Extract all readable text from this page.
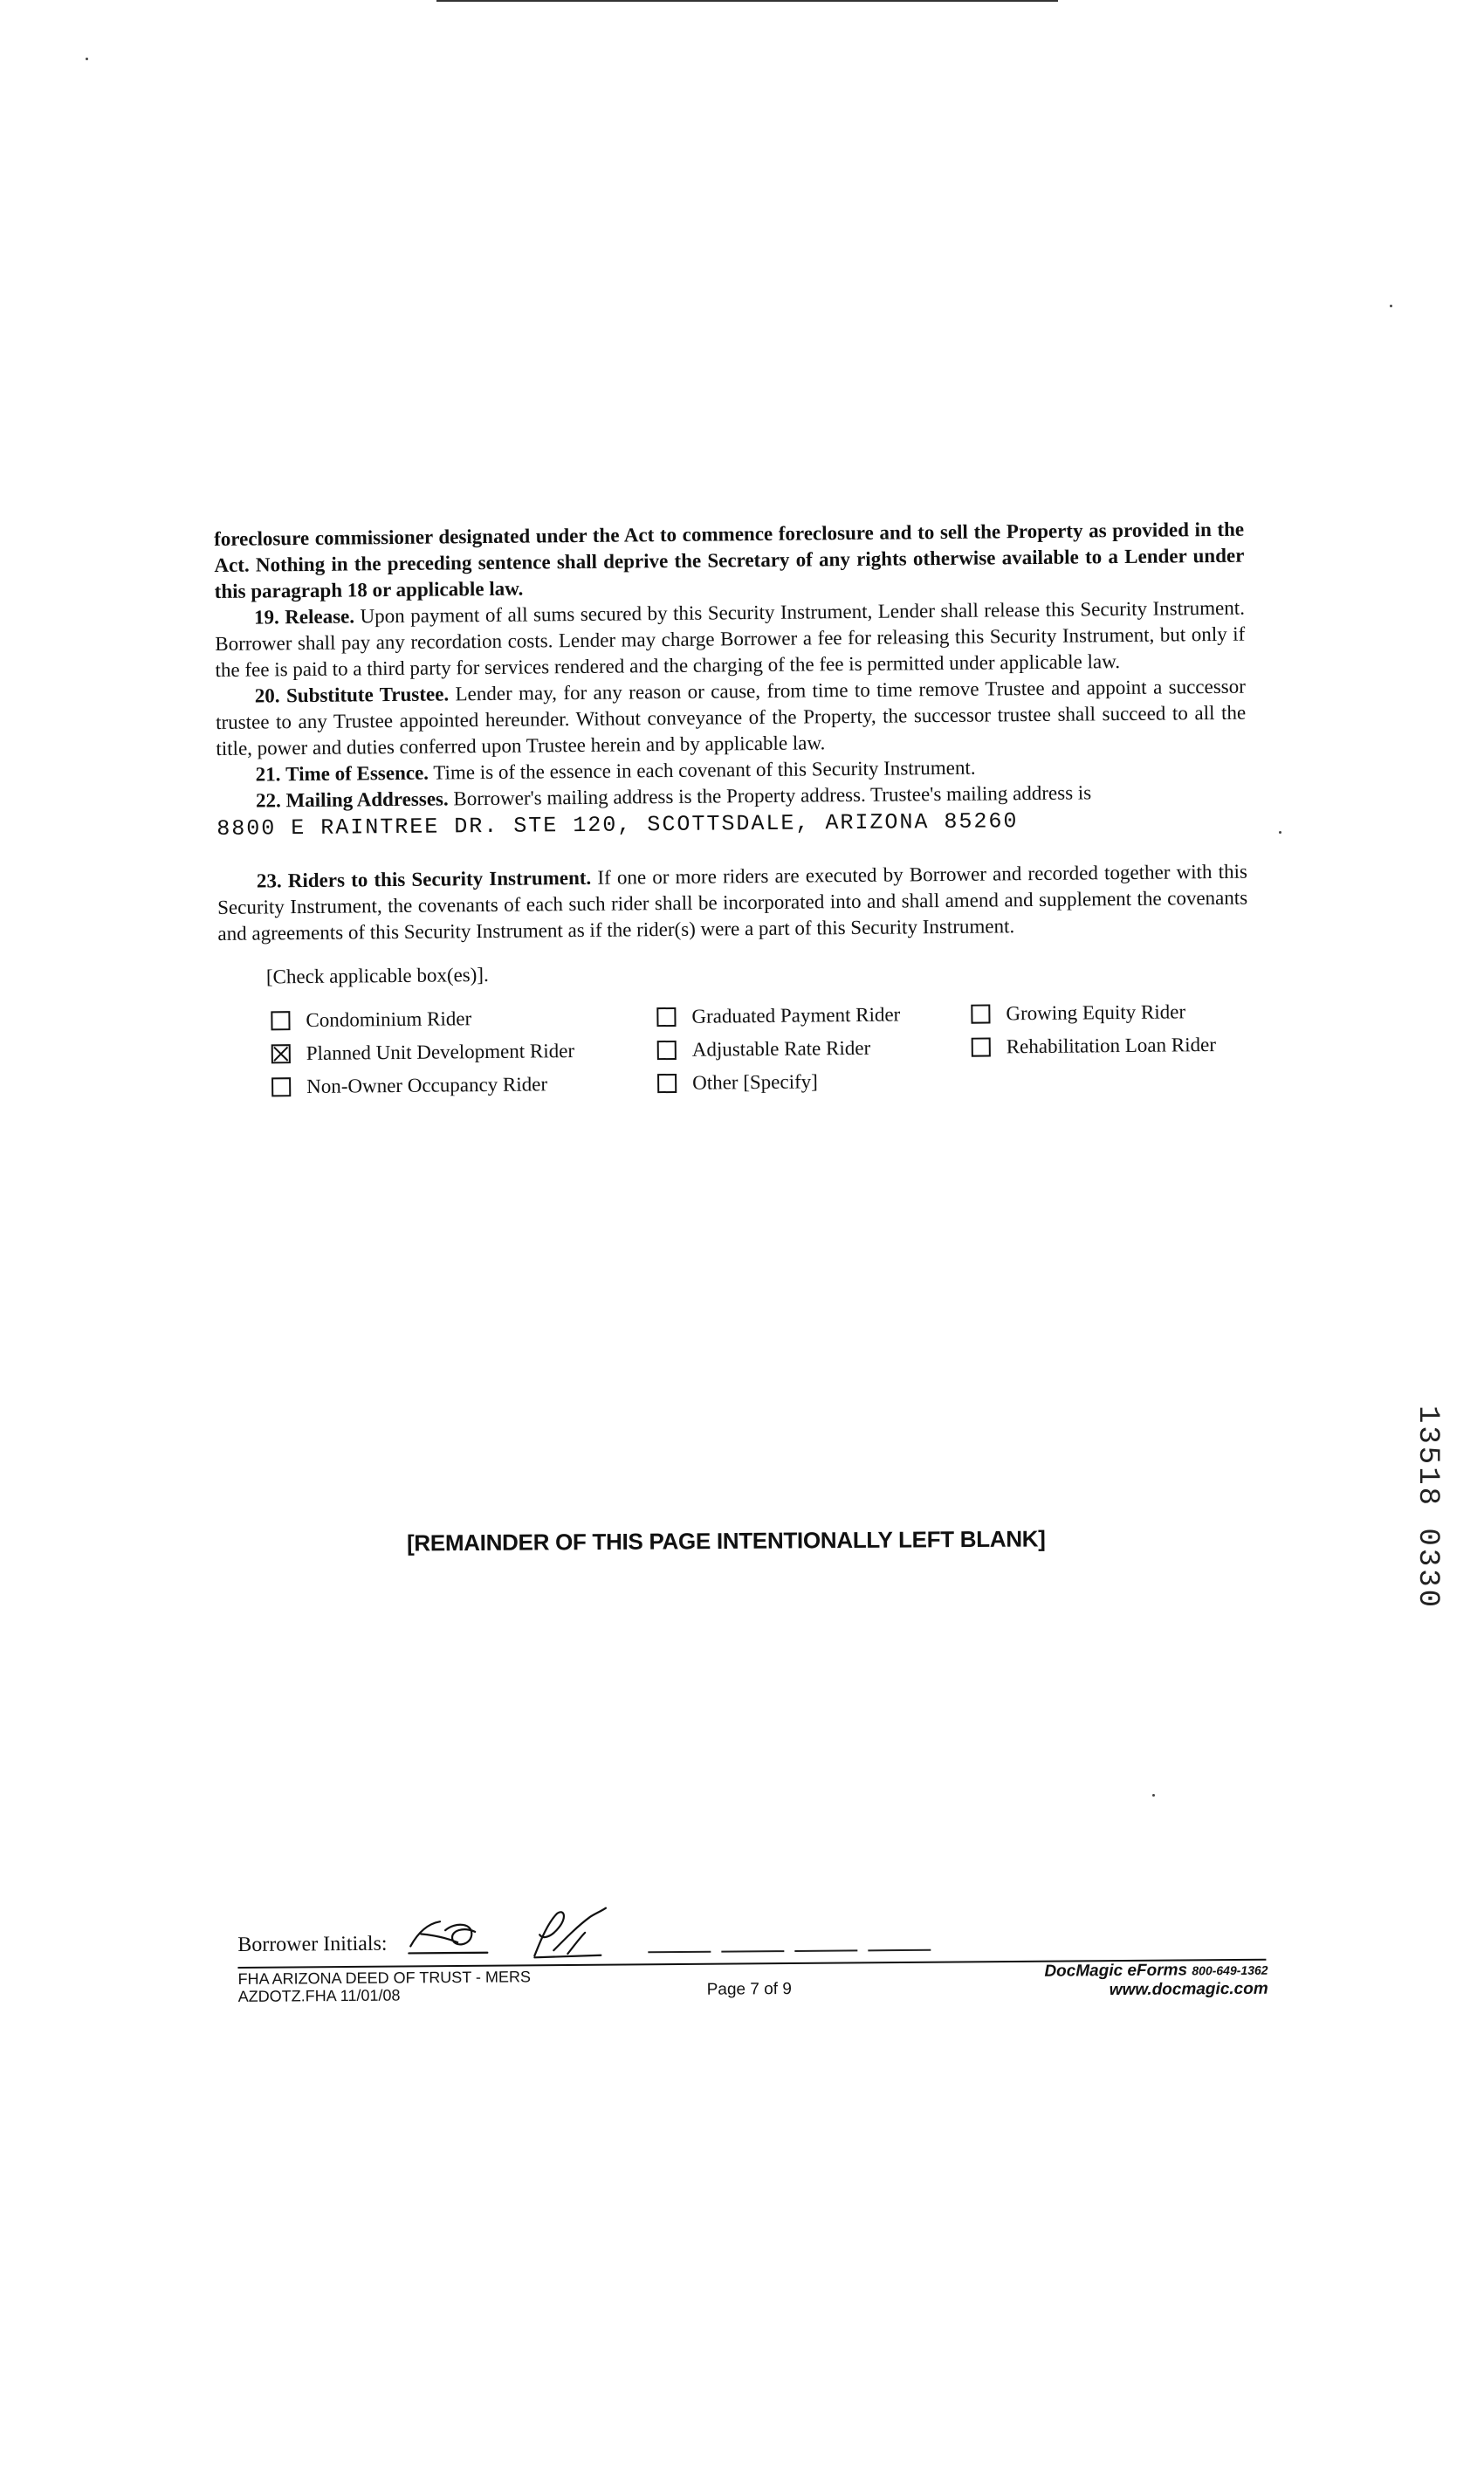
foreclosure commissioner designated under the Act to commence foreclosure and to sell the Property as provided in the Act. Nothing in the preceding sentence shall deprive the Secretary of any rights otherwise available to a Lender under this paragraph 18 or applicable law.

19. Release. Upon payment of all sums secured by this Security Instrument, Lender shall release this Security Instrument. Borrower shall pay any recordation costs. Lender may charge Borrower a fee for releasing this Security Instrument, but only if the fee is paid to a third party for services rendered and the charging of the fee is permitted under applicable law.

20. Substitute Trustee. Lender may, for any reason or cause, from time to time remove Trustee and appoint a successor trustee to any Trustee appointed hereunder. Without conveyance of the Property, the successor trustee shall succeed to all the title, power and duties conferred upon Trustee herein and by applicable law.

21. Time of Essence. Time is of the essence in each covenant of this Security Instrument.

22. Mailing Addresses. Borrower's mailing address is the Property address. Trustee's mailing address is

8800 E RAINTREE DR. STE 120, SCOTTSDALE, ARIZONA 85260

23. Riders to this Security Instrument. If one or more riders are executed by Borrower and recorded together with this Security Instrument, the covenants of each such rider shall be incorporated into and shall amend and supplement the covenants and agreements of this Security Instrument as if the rider(s) were a part of this Security Instrument.

[Check applicable box(es)].
Condominium Rider
Planned Unit Development Rider
Non-Owner Occupancy Rider
Graduated Payment Rider
Adjustable Rate Rider
Other [Specify]
Growing Equity Rider
Rehabilitation Loan Rider
[REMAINDER OF THIS PAGE INTENTIONALLY LEFT BLANK]	13518 0330
Borrower Initials:
FHA ARIZONA DEED OF TRUST - MERS
AZDOTZ.FHA 11/01/08	Page 7 of 9
DocMagic eForms 800-649-1362
www.docmagic.com
